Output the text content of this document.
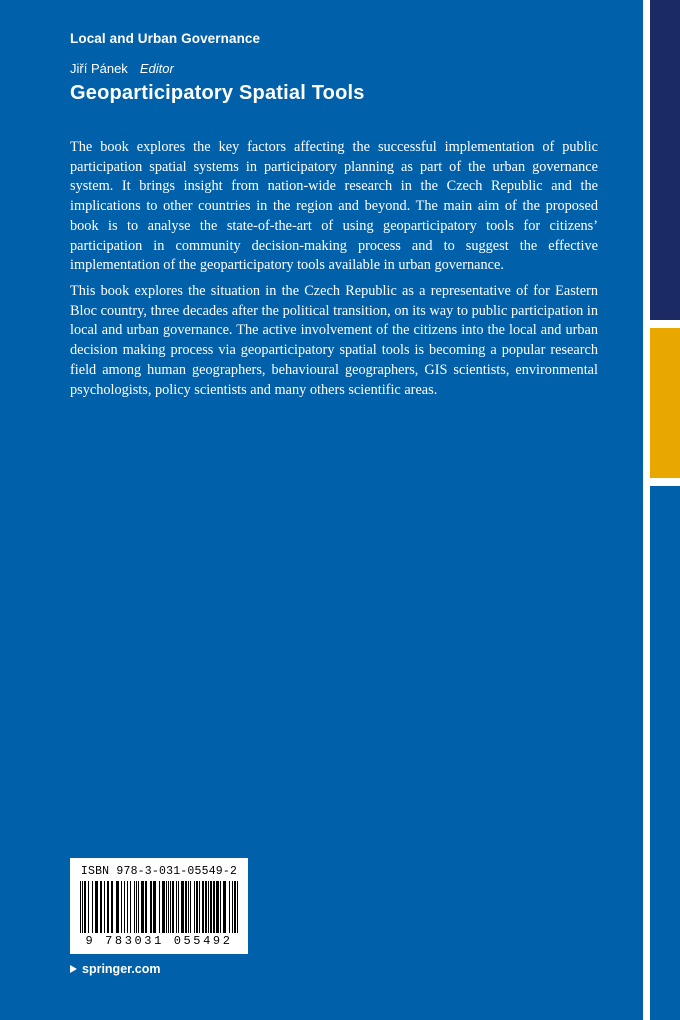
Local and Urban Governance
Jiří Pánek Editor
Geoparticipatory Spatial Tools
The book explores the key factors affecting the successful implementation of public participation spatial systems in participatory planning as part of the urban governance system. It brings insight from nation-wide research in the Czech Republic and the implications to other countries in the region and beyond. The main aim of the proposed book is to analyse the state-of-the-art of using geoparticipatory tools for citizens’ participation in community decision-making process and to suggest the effective implementation of the geoparticipatory tools available in urban governance.
This book explores the situation in the Czech Republic as a representative of for Eastern Bloc country, three decades after the political transition, on its way to public participation in local and urban governance. The active involvement of the citizens into the local and urban decision making process via geoparticipatory spatial tools is becoming a popular research field among human geographers, behavioural geographers, GIS scientists, environmental psychologists, policy scientists and many others scientific areas.
ISBN 978-3-031-05549-2
9 783031 055492
springer.com
